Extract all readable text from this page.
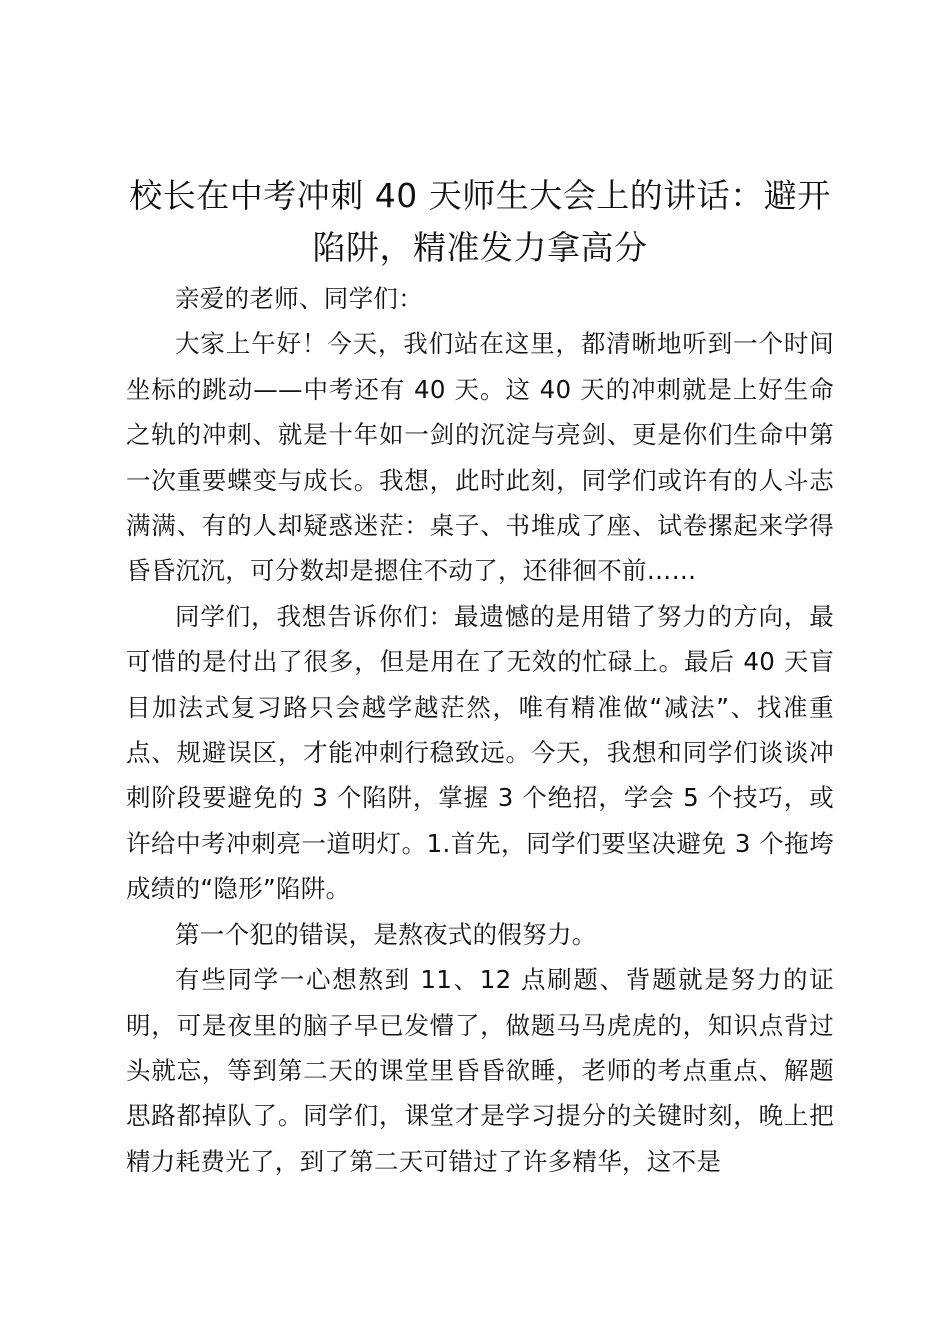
校长在中考冲刺 40 天师生大会上的讲话：避开陷阱，精准发力拿高分

亲爱的老师、同学们：

大家上午好！今天，我们站在这里，都清晰地听到一个时间坐标的跳动——中考还有 40 天。这 40 天的冲刺就是上好生命之轨的冲刺、就是十年如一剑的沉淀与亮剑、更是你们生命中第一次重要蝶变与成长。我想，此时此刻，同学们或许有的人斗志满满、有的人却疑惑迷茫：桌子、书堆成了座、试卷摞起来学得昏昏沉沉，可分数却是摁住不动了，还徘徊不前……

同学们，我想告诉你们：最遗憾的是用错了努力的方向，最可惜的是付出了很多，但是用在了无效的忙碌上。最后 40 天盲目加法式复习路只会越学越茫然，唯有精准做“减法”、找准重点、规避误区，才能冲刺行稳致远。今天，我想和同学们谈谈冲刺阶段要避免的 3 个陷阱，掌握 3 个绝招，学会 5 个技巧，或许给中考冲刺亮一道明灯。1.首先，同学们要坚决避免 3 个拖垮成绩的“隐形”陷阱。

第一个犯的错误，是熬夜式的假努力。

有些同学一心想熬到 11、12 点刷题、背题就是努力的证明，可是夜里的脑子早已发懵了，做题马马虎虎的，知识点背过头就忘，等到第二天的课堂里昏昏欲睡，老师的考点重点、解题思路都掉队了。同学们，课堂才是学习提分的关键时刻，晚上把精力耗费光了，到了第二天可错过了许多精华，这不是
